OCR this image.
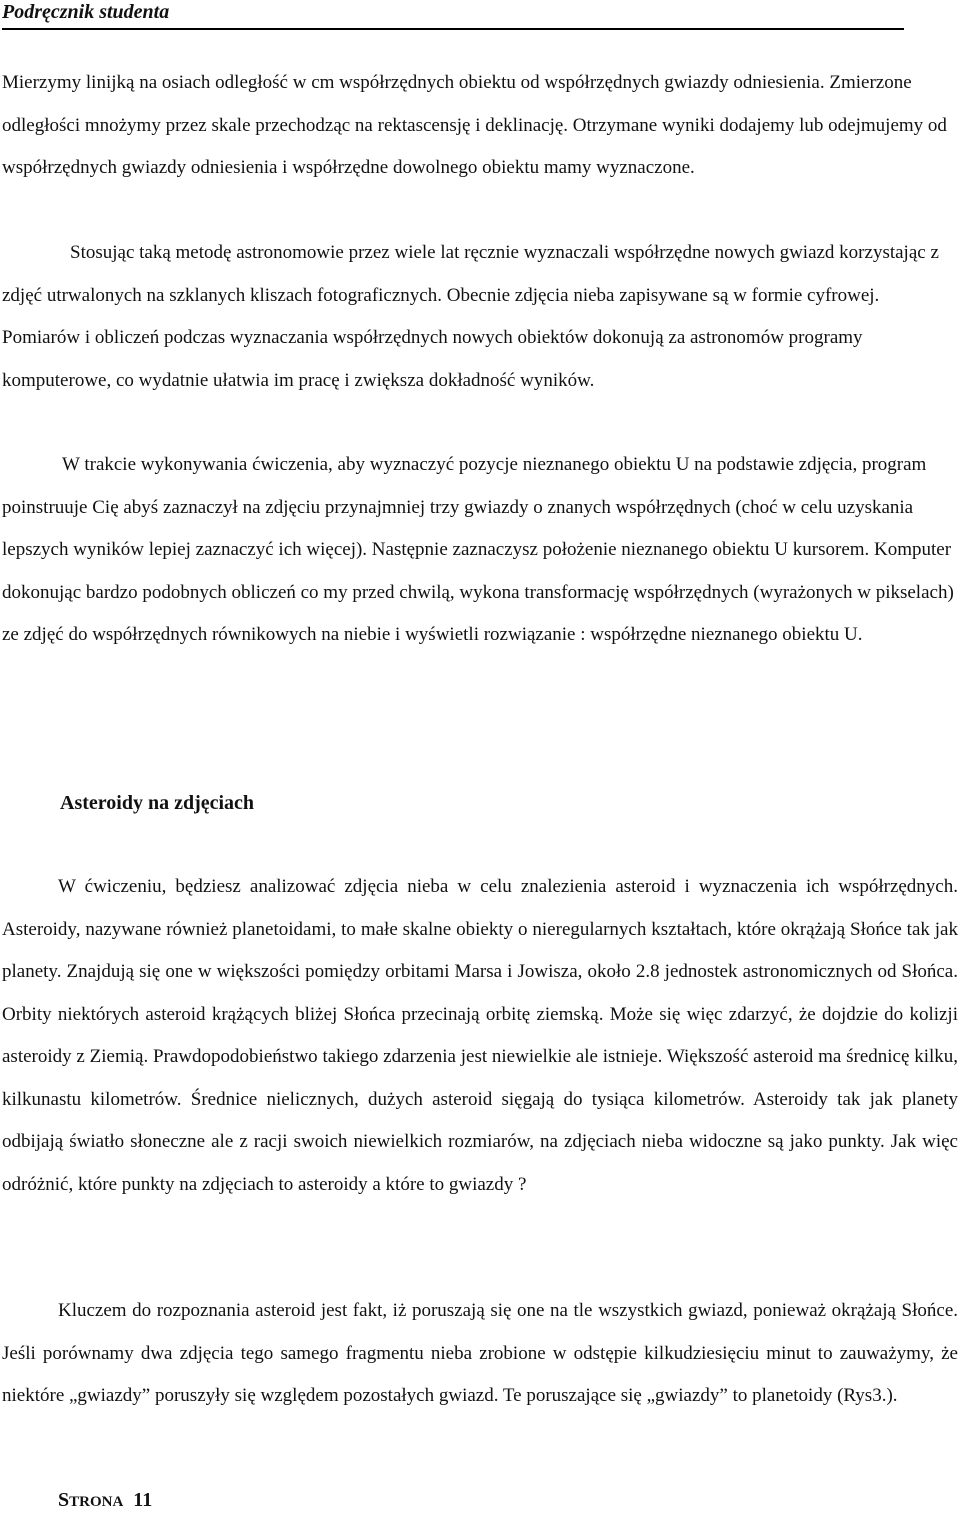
Podręcznik studenta

Mierzymy linijką na osiach odległość w cm współrzędnych obiektu od współrzędnych gwiazdy odniesienia. Zmierzone odległości mnożymy przez skale przechodząc na rektascensję i deklinację. Otrzymane wyniki dodajemy lub odejmujemy od współrzędnych gwiazdy odniesienia i współrzędne dowolnego obiektu mamy wyznaczone.

Stosując taką metodę astronomowie przez wiele lat ręcznie wyznaczali współrzędne nowych gwiazd korzystając z zdjęć utrwalonych na szklanych kliszach fotograficznych. Obecnie zdjęcia nieba zapisywane są w formie cyfrowej. Pomiarów i obliczeń podczas wyznaczania współrzędnych nowych obiektów dokonują za astronomów programy komputerowe, co wydatnie ułatwia im pracę i zwiększa dokładność wyników.

W trakcie wykonywania ćwiczenia, aby wyznaczyć pozycje nieznanego obiektu U na podstawie zdjęcia, program poinstruuje Cię abyś zaznaczył na zdjęciu przynajmniej trzy gwiazdy o znanych współrzędnych (choć w celu uzyskania lepszych wyników lepiej zaznaczyć ich więcej). Następnie zaznaczysz położenie nieznanego obiektu U kursorem. Komputer dokonując bardzo podobnych obliczeń co my przed chwilą, wykona transformację współrzędnych (wyrażonych w pikselach) ze zdjęć do współrzędnych równikowych na niebie i wyświetli rozwiązanie : współrzędne nieznanego obiektu U.

Asteroidy na zdjęciach

W ćwiczeniu, będziesz analizować zdjęcia nieba w celu znalezienia asteroid i wyznaczenia ich współrzędnych. Asteroidy, nazywane również planetoidami, to małe skalne obiekty o nieregularnych kształtach, które okrążają Słońce tak jak planety. Znajdują się one w większości pomiędzy orbitami Marsa i Jowisza, około 2.8 jednostek astronomicznych od Słońca. Orbity niektórych asteroid krążących bliżej Słońca przecinają orbitę ziemską. Może się więc zdarzyć, że dojdzie do kolizji asteroidy z Ziemią. Prawdopodobieństwo takiego zdarzenia jest niewielkie ale istnieje. Większość asteroid ma średnicę kilku, kilkunastu kilometrów. Średnice nielicznych, dużych asteroid sięgają do tysiąca kilometrów. Asteroidy tak jak planety odbijają światło słoneczne ale z racji swoich niewielkich rozmiarów, na zdjęciach nieba widoczne są jako punkty. Jak więc odróżnić, które punkty na zdjęciach to asteroidy a które to gwiazdy ?

Kluczem do rozpoznania asteroid jest fakt, iż poruszają się one na tle wszystkich gwiazd, ponieważ okrążają Słońce. Jeśli porównamy dwa zdjęcia tego samego fragmentu nieba zrobione w odstępie kilkudziesięciu minut to zauważymy, że niektóre „gwiazdy” poruszyły się względem pozostałych gwiazd. Te poruszające się „gwiazdy” to planetoidy (Rys3.).

STRONA 11
